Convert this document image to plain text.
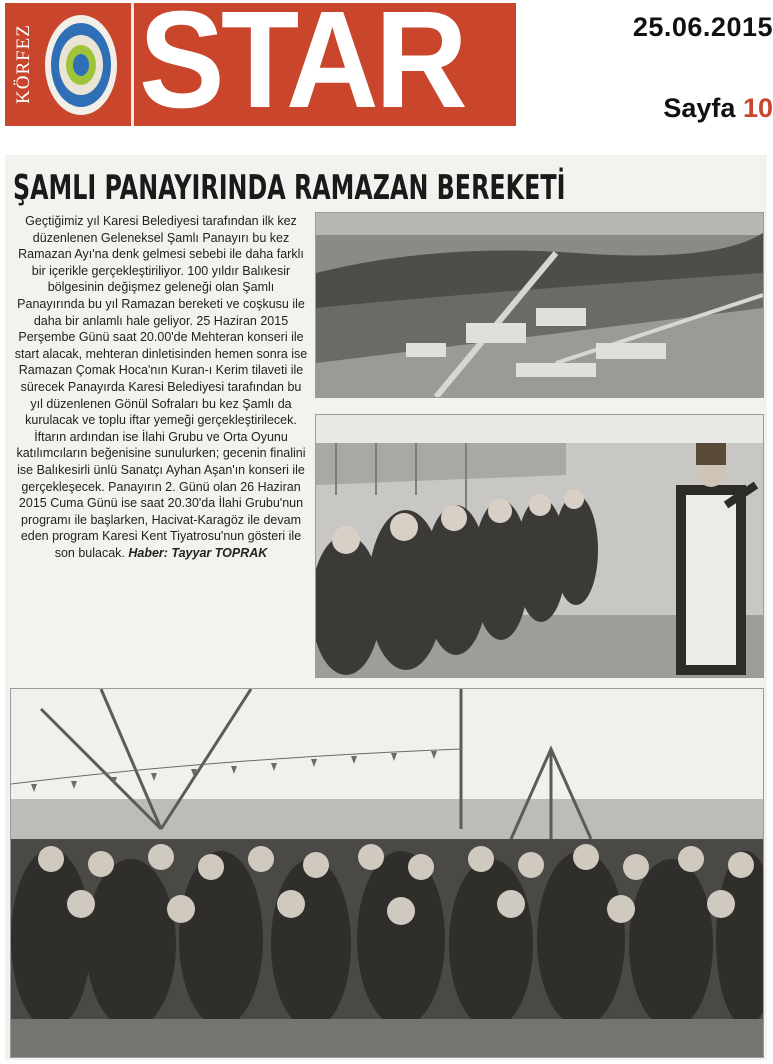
KÖRFEZ STAR	25.06.2015
Sayfa 10
ŞAMLI PANAYIRINDA RAMAZAN BEREKETİ

Geçtiğimiz yıl Karesi Belediyesi tarafından ilk kez düzenlenen Geleneksel Şamlı Panayırı bu kez Ramazan Ayı'na denk gelmesi sebebi ile daha farklı bir içerikle gerçekleştiriliyor. 100 yıldır Balıkesir bölgesinin değişmez geleneği olan Şamlı Panayırında bu yıl Ramazan bereketi ve coşkusu ile daha bir anlamlı hale geliyor. 25 Haziran 2015 Perşembe Günü saat 20.00'de Mehteran konseri ile start alacak, mehteran dinletisinden hemen sonra ise Ramazan Çomak Hoca'nın Kuran-ı Kerim tilaveti ile sürecek Panayırda Karesi Belediyesi tarafından bu yıl düzenlenen Gönül Sofraları bu kez Şamlı da kurulacak ve toplu iftar yemeği gerçekleştirilecek. İftarın ardından ise İlahi Grubu ve Orta Oyunu katılımcıların beğenisine sunulurken; gecenin finalini ise Balıkesirli ünlü Sanatçı Ayhan Aşan'ın konseri ile gerçekleşecek. Panayırın 2. Günü olan 26 Haziran 2015 Cuma Günü ise saat 20.30'da İlahi Grubu'nun programı ile başlarken, Hacivat-Karagöz ile devam eden program Karesi Kent Tiyatrosu'nun gösteri ile son bulacak. Haber: Tayyar TOPRAK
